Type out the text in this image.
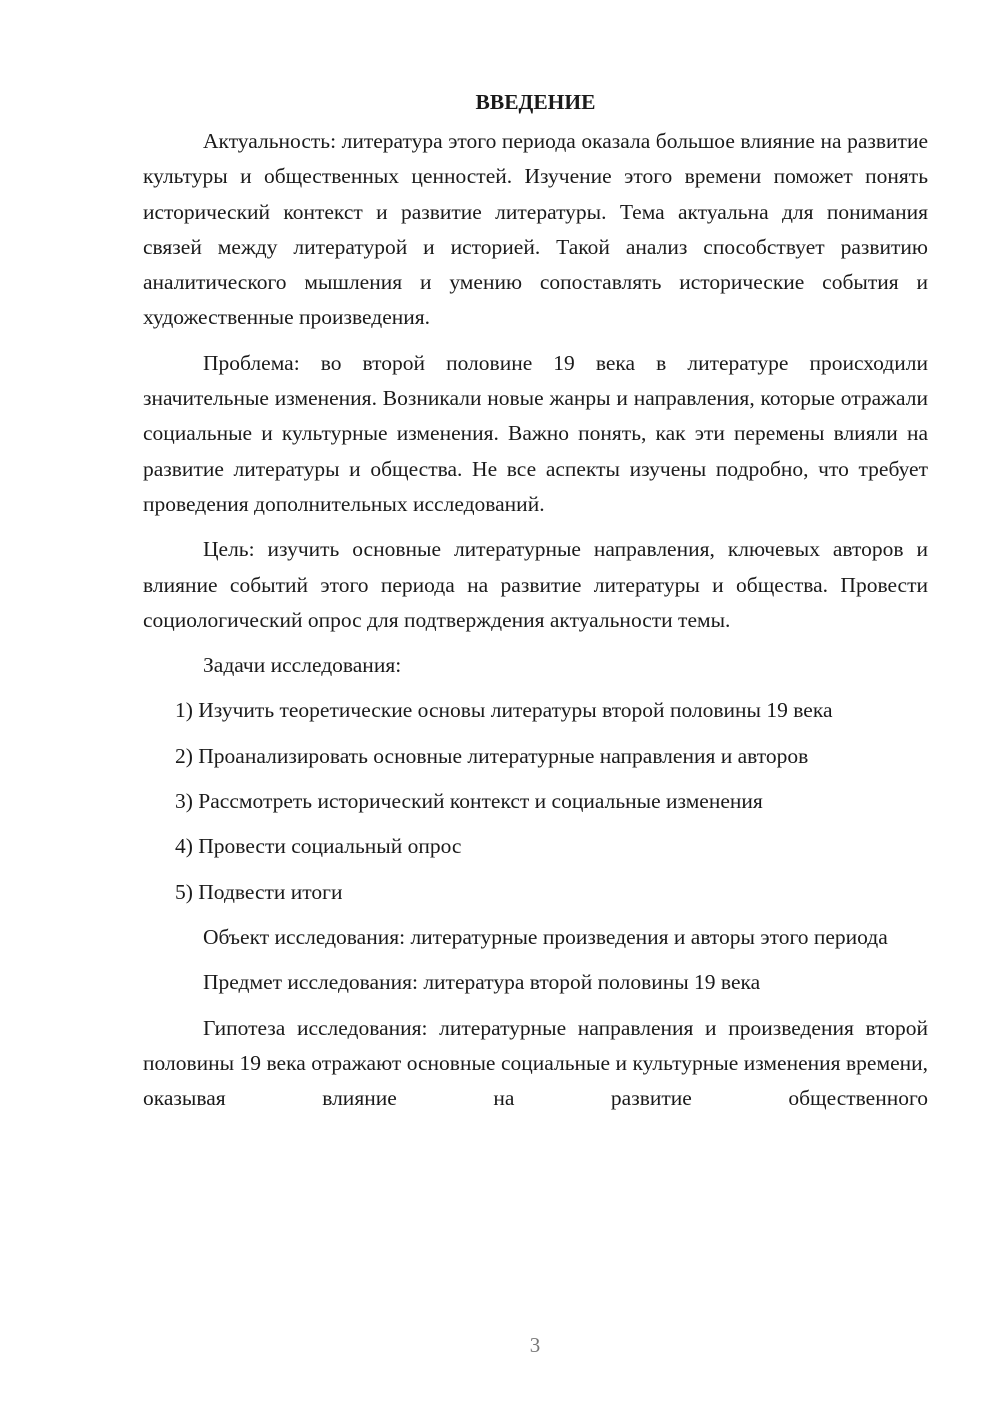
ВВЕДЕНИЕ

Актуальность: литература этого периода оказала большое влияние на развитие культуры и общественных ценностей. Изучение этого времени поможет понять исторический контекст и развитие литературы. Тема актуальна для понимания связей между литературой и историей. Такой анализ способствует развитию аналитического мышления и умению сопоставлять исторические события и художественные произведения.

Проблема: во второй половине 19 века в литературе происходили значительные изменения. Возникали новые жанры и направления, которые отражали социальные и культурные изменения. Важно понять, как эти перемены влияли на развитие литературы и общества. Не все аспекты изучены подробно, что требует проведения дополнительных исследований.

Цель: изучить основные литературные направления, ключевых авторов и влияние событий этого периода на развитие литературы и общества. Провести социологический опрос для подтверждения актуальности темы.

Задачи исследования:

1) Изучить теоретические основы литературы второй половины 19 века

2) Проанализировать основные литературные направления и авторов

3) Рассмотреть исторический контекст и социальные изменения

4) Провести социальный опрос

5) Подвести итоги

Объект исследования: литературные произведения и авторы этого периода

Предмет исследования: литература второй половины 19 века

Гипотеза исследования: литературные направления и произведения второй половины 19 века отражают основные социальные и культурные изменения времени, оказывая влияние на развитие общественного

3
